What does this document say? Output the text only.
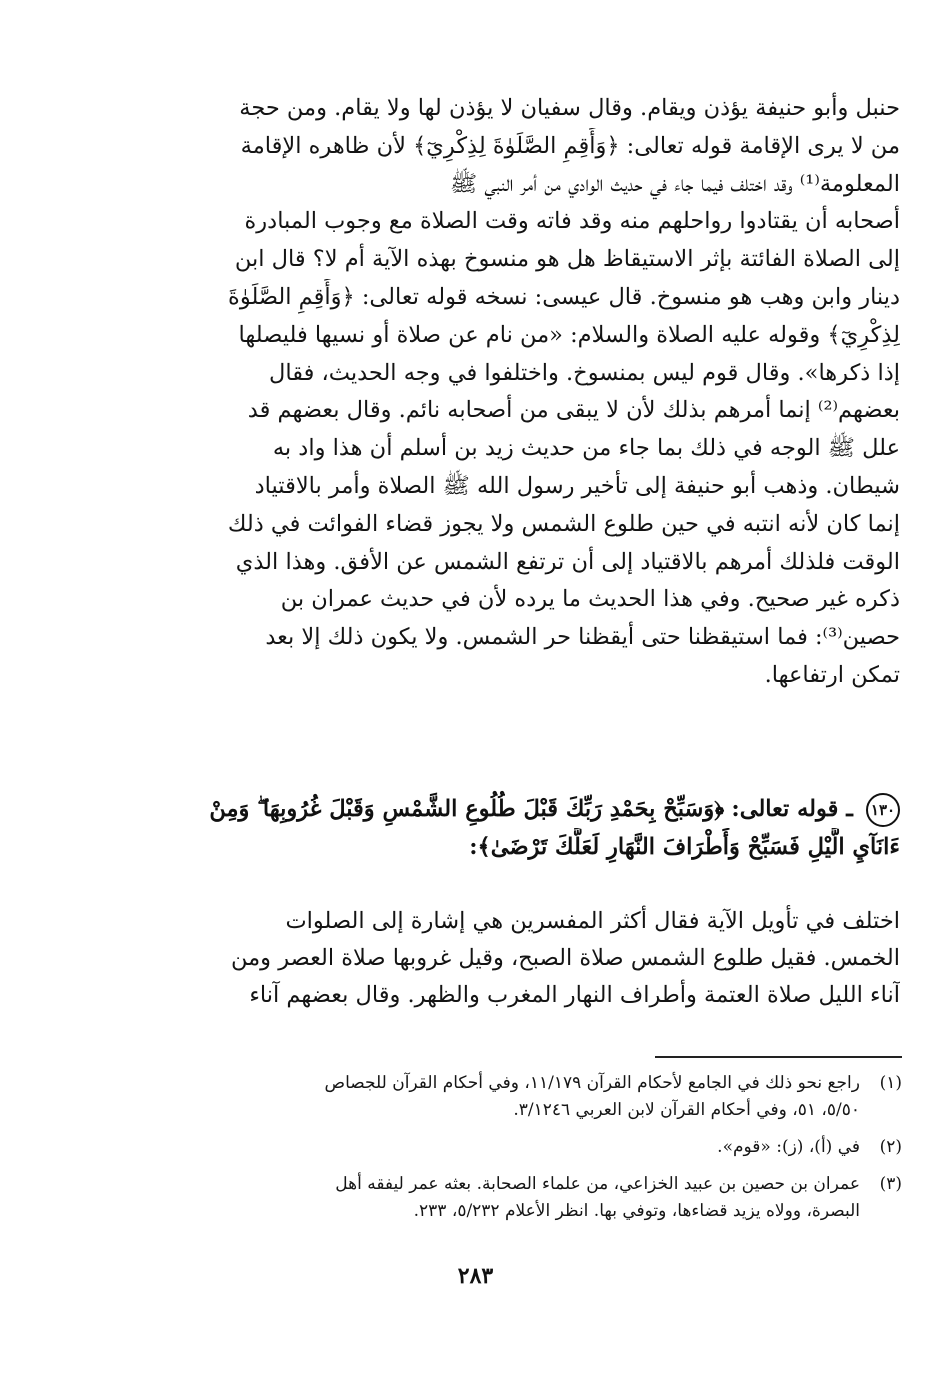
حنبل وأبو حنيفة يؤذن ويقام. وقال سفيان لا يؤذن لها ولا يقام. ومن حجة
من لا يرى الإقامة قوله تعالى: ﴿وَأَقِمِ الصَّلَوٰةَ لِذِكْرِيٓ﴾ لأن ظاهره الإقامة
المعلومة⁽¹⁾ وقد اختلف فيما جاء في حديث الوادي من أمر النبي ﷺ
أصحابه أن يقتادوا رواحلهم منه وقد فاته وقت الصلاة مع وجوب المبادرة
إلى الصلاة الفائتة بإثر الاستيقاظ هل هو منسوخ بهذه الآية أم لا؟ قال ابن
دينار وابن وهب هو منسوخ. قال عيسى: نسخه قوله تعالى: ﴿وَأَقِمِ الصَّلَوٰةَ
لِذِكْرِيٓ﴾ وقوله عليه الصلاة والسلام: «من نام عن صلاة أو نسيها فليصلها
إذا ذكرها». وقال قوم ليس بمنسوخ. واختلفوا في وجه الحديث، فقال
بعضهم⁽²⁾ إنما أمرهم بذلك لأن لا يبقى من أصحابه نائم. وقال بعضهم قد
علل ﷺ الوجه في ذلك بما جاء من حديث زيد بن أسلم أن هذا واد به
شيطان. وذهب أبو حنيفة إلى تأخير رسول الله ﷺ الصلاة وأمر بالاقتياد
إنما كان لأنه انتبه في حين طلوع الشمس ولا يجوز قضاء الفوائت في ذلك
الوقت فلذلك أمرهم بالاقتياد إلى أن ترتفع الشمس عن الأفق. وهذا الذي
ذكره غير صحيح. وفي هذا الحديث ما يرده لأن في حديث عمران بن
حصين⁽³⁾: فما استيقظنا حتى أيقظنا حر الشمس. ولا يكون ذلك إلا بعد
تمكن ارتفاعها.
١٣٠ ـ قوله تعالى: ﴿وَسَبِّحْ بِحَمْدِ رَبِّكَ قَبْلَ طُلُوعِ الشَّمْسِ وَقَبْلَ غُرُوبِهَا ۖ وَمِنْ
ءَانَآيِ الَّيْلِ فَسَبِّحْ وَأَطْرَافَ النَّهَارِ لَعَلَّكَ تَرْضَىٰ﴾:
اختلف في تأويل الآية فقال أكثر المفسرين هي إشارة إلى الصلوات
الخمس. فقيل طلوع الشمس صلاة الصبح، وقيل غروبها صلاة العصر ومن
آناء الليل صلاة العتمة وأطراف النهار المغرب والظهر. وقال بعضهم آناء
(١)
راجع نحو ذلك في الجامع لأحكام القرآن ١١/١٧٩، وفي أحكام القرآن للجصاص
٥/٥٠، ٥١، وفي أحكام القرآن لابن العربي ٣/١٢٤٦.
(٢)
في (أ)، (ز): «قوم».
(٣)
عمران بن حصين بن عبيد الخزاعي، من علماء الصحابة. بعثه عمر ليفقه أهل
البصرة، وولاه يزيد قضاءها، وتوفي بها. انظر الأعلام ٥/٢٣٢، ٢٣٣.
٢٨٣
